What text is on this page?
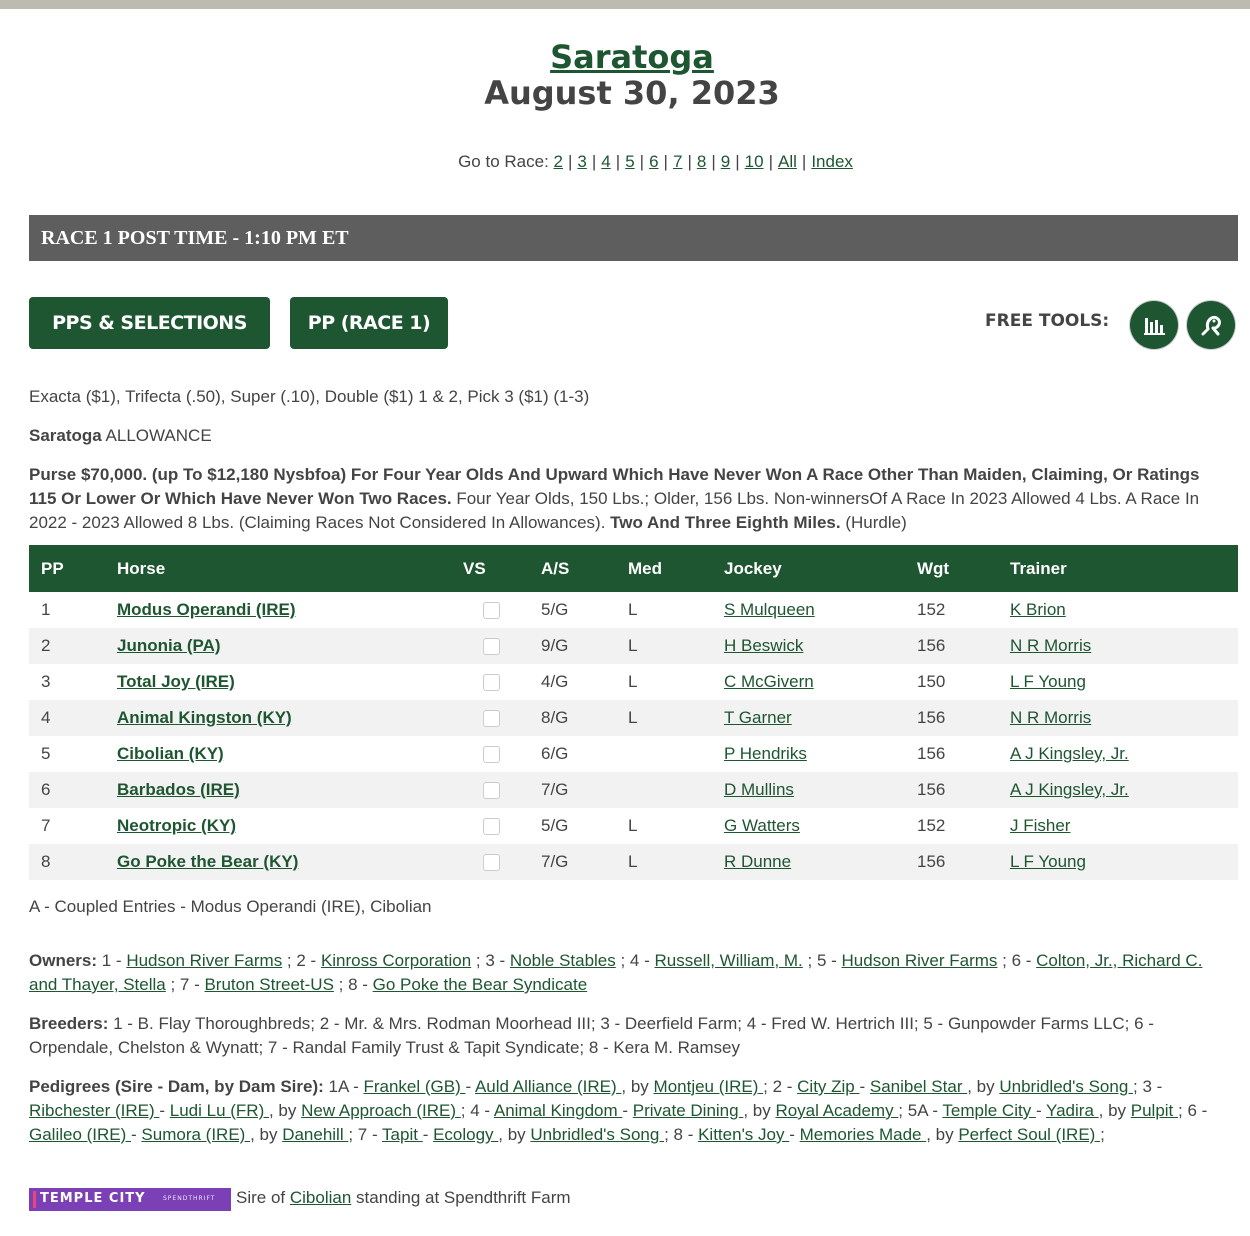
Saratoga
August 30, 2023
Go to Race: 2 | 3 | 4 | 5 | 6 | 7 | 8 | 9 | 10 | All | Index
RACE 1 POST TIME - 1:10 PM ET
PPS & SELECTIONS	PP (RACE 1)	FREE TOOLS:
Exacta ($1), Trifecta (.50), Super (.10), Double ($1) 1 & 2, Pick 3 ($1) (1-3)
Saratoga ALLOWANCE
Purse $70,000. (up To $12,180 Nysbfoa) For Four Year Olds And Upward Which Have Never Won A Race Other Than Maiden, Claiming, Or Ratings 115 Or Lower Or Which Have Never Won Two Races. Four Year Olds, 150 Lbs.; Older, 156 Lbs. Non-winnersOf A Race In 2023 Allowed 4 Lbs. A Race In 2022 - 2023 Allowed 8 Lbs. (Claiming Races Not Considered In Allowances). Two And Three Eighth Miles. (Hurdle)
PP	Horse	VS	A/S	Med	Jockey	Wgt	Trainer
1	Modus Operandi (IRE)		5/G	L	S Mulqueen	152	K Brion
2	Junonia (PA)		9/G	L	H Beswick	156	N R Morris
3	Total Joy (IRE)		4/G	L	C McGivern	150	L F Young
4	Animal Kingston (KY)		8/G	L	T Garner	156	N R Morris
5	Cibolian (KY)		6/G		P Hendriks	156	A J Kingsley, Jr.
6	Barbados (IRE)		7/G		D Mullins	156	A J Kingsley, Jr.
7	Neotropic (KY)		5/G	L	G Watters	152	J Fisher
8	Go Poke the Bear (KY)		7/G	L	R Dunne	156	L F Young
A - Coupled Entries - Modus Operandi (IRE), Cibolian
Owners: 1 - Hudson River Farms ; 2 - Kinross Corporation ; 3 - Noble Stables ; 4 - Russell, William, M. ; 5 - Hudson River Farms ; 6 - Colton, Jr., Richard C. and Thayer, Stella ; 7 - Bruton Street-US ; 8 - Go Poke the Bear Syndicate
Breeders: 1 - B. Flay Thoroughbreds; 2 - Mr. & Mrs. Rodman Moorhead III; 3 - Deerfield Farm; 4 - Fred W. Hertrich III; 5 - Gunpowder Farms LLC; 6 - Orpendale, Chelston & Wynatt; 7 - Randal Family Trust & Tapit Syndicate; 8 - Kera M. Ramsey
Pedigrees (Sire - Dam, by Dam Sire): 1A - Frankel (GB) - Auld Alliance (IRE) , by Montjeu (IRE) ; 2 - City Zip - Sanibel Star , by Unbridled's Song ; 3 - Ribchester (IRE) - Ludi Lu (FR) , by New Approach (IRE) ; 4 - Animal Kingdom - Private Dining , by Royal Academy ; 5A - Temple City - Yadira , by Pulpit ; 6 - Galileo (IRE) - Sumora (IRE) , by Danehill ; 7 - Tapit - Ecology , by Unbridled's Song ; 8 - Kitten's Joy - Memories Made , by Perfect Soul (IRE) ;
TEMPLE CITY	SPENDTHRIFT Sire of Cibolian standing at Spendthrift Farm
